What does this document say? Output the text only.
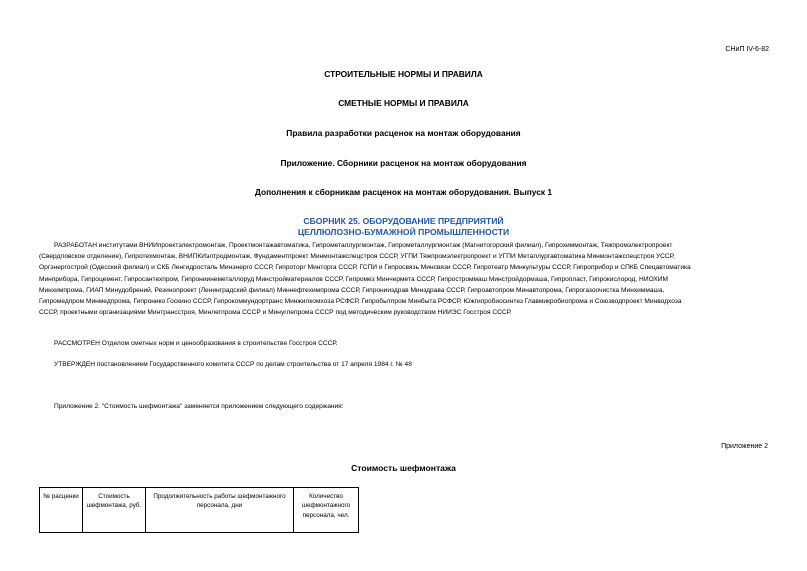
СНиП IV-6-82
СТРОИТЕЛЬНЫЕ НОРМЫ И ПРАВИЛА
СМЕТНЫЕ НОРМЫ И ПРАВИЛА
Правила разработки расценок на монтаж оборудования
Приложение. Сборники расценок на монтаж оборудования
Дополнения к сборникам расценок на монтаж оборудования. Выпуск 1
СБОРНИК 25. ОБОРУДОВАНИЕ ПРЕДПРИЯТИЙ
ЦЕЛЛЮЛОЗНО-БУМАЖНОЙ ПРОМЫШЛЕННОСТИ
РАЗРАБОТАН институтами ВНИИпроектэлектромонтаж, Проектмонтажавтоматика, Гипрометаллургмонтаж, Гипрометаллургмонтаж (Магнитогорский филиал), Гипрохиммонтаж, Тяжпромэлектропроект
(Свердловское отделение), Гипротехмонтаж, ВНИПКИэлтродмонтаж, Фундаментпроект Минмонтажспецстроя СССР, УГПИ Тяжпромэлектропроект и УГПИ Металлургавтоматика Минмонтажспецстроя УССР,
Оргэнергострой (Одесский филиал) и СКБ Ленгидросталь Минэнерго СССР, Гипроторг Минторга СССР, ГСПИ и Гипросвязь Минсвязи СССР, Гипротеатр Минкультуры СССР, Гипроприбор и СПКБ Спецавтоматика
Минприбора, Гипроцемент, Гипросантехпром, Гипрониинеметаллоруд Минстройматериалов СССР, Гипромез Минчермета СССР, Гипростроммаш Минстройдормаша, Гипропласт, Гипрокислород, НИОХИМ
Минхимпрома, ГИАП Минудобрений, Резинопроект (Ленинградский филиал) Миннефтехимпрома СССР, Гипронииздрав Минздрава СССР, Гипроавтопром Минавтопрома, Гипрогазоочистка Минхиммаша,
Гипромедпром Минмедпрома, Гипронико Госкино СССР, Гипрокоммундортранс Минжилкомхоза РСФСР, Гипробытпром Минбыта РСФСР, Южгипробиосинтез Главмикробиопрома и Союзводпроект Минводхоза
СССР, проектными организациями Минтрансстроя, Минлегпрома СССР и Минуглепрома СССР под методическим руководством НИИЭС Госстроя СССР.
РАССМОТРЕН Отделом сметных норм и ценообразования в строительстве Госстроя СССР.
УТВЕРЖДЕН постановлением Государственного комитета СССР по делам строительства от 17 апреля 1984 г. № 48
Приложение 2. "Стоимость шефмонтажа" заменяется приложением следующего содержания:
Приложение 2
Стоимость шефмонтажа
№ расценки	Стоимость шефмонтажа, руб.	Продолжительность работы шефмонтажного персонала, дни	Количество шефмонтажного персонала, чел.
